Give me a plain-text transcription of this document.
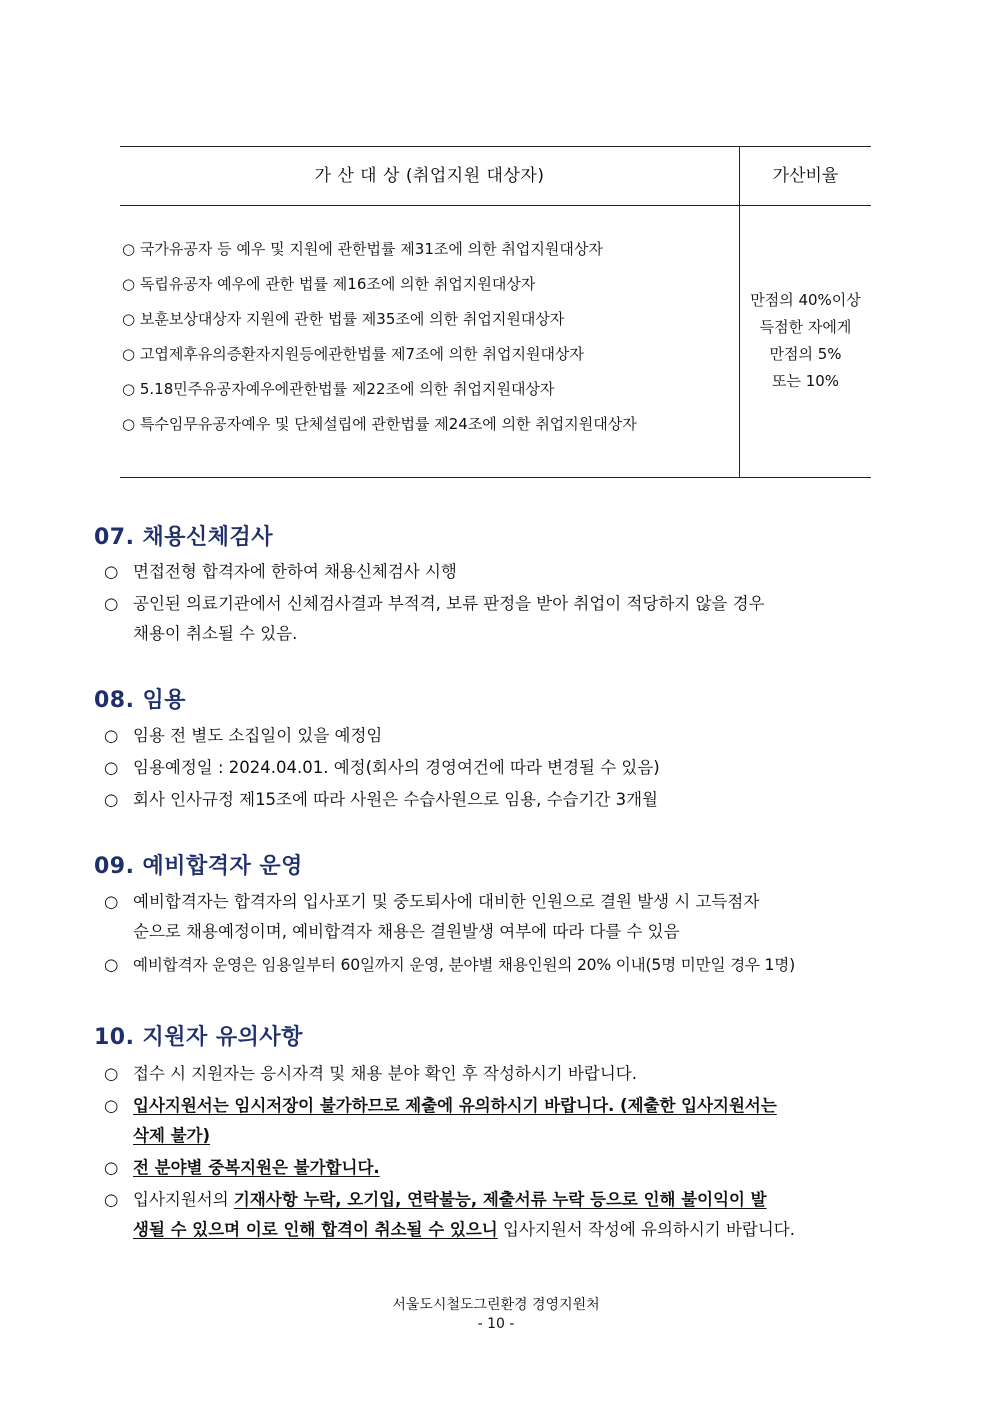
가 산 대 상 (취업지원 대상자)	가산비율
○ 국가유공자 등 예우 및 지원에 관한법률 제31조에 의한 취업지원대상자
○ 독립유공자 예우에 관한 법률 제16조에 의한 취업지원대상자
○ 보훈보상대상자 지원에 관한 법률 제35조에 의한 취업지원대상자
○ 고엽제후유의증환자지원등에관한법률 제7조에 의한 취업지원대상자
○ 5.18민주유공자예우에관한법률 제22조에 의한 취업지원대상자
○ 특수임무유공자예우 및 단체설립에 관한법률 제24조에 의한 취업지원대상자
만점의 40%이상
득점한 자에게
만점의 5%
또는 10%
07. 채용신체검사
○ 면접전형 합격자에 한하여 채용신체검사 시행
○ 공인된 의료기관에서 신체검사결과 부적격, 보류 판정을 받아 취업이 적당하지 않을 경우
채용이 취소될 수 있음.
08. 임용
○ 임용 전 별도 소집일이 있을 예정임
○ 임용예정일 : 2024.04.01. 예정(회사의 경영여건에 따라 변경될 수 있음)
○ 회사 인사규정 제15조에 따라 사원은 수습사원으로 임용, 수습기간 3개월
09. 예비합격자 운영
○ 예비합격자는 합격자의 입사포기 및 중도퇴사에 대비한 인원으로 결원 발생 시 고득점자
순으로 채용예정이며, 예비합격자 채용은 결원발생 여부에 따라 다를 수 있음
○ 예비합격자 운영은 임용일부터 60일까지 운영, 분야별 채용인원의 20% 이내(5명 미만일 경우 1명)
10. 지원자 유의사항
○ 접수 시 지원자는 응시자격 및 채용 분야 확인 후 작성하시기 바랍니다.
○ 입사지원서는 임시저장이 불가하므로 제출에 유의하시기 바랍니다. (제출한 입사지원서는
삭제 불가)
○ 전 분야별 중복지원은 불가합니다.
○ 입사지원서의 기재사항 누락, 오기입, 연락불능, 제출서류 누락 등으로 인해 불이익이 발
생될 수 있으며 이로 인해 합격이 취소될 수 있으니 입사지원서 작성에 유의하시기 바랍니다.
서울도시철도그린환경 경영지원처
- 10 -
